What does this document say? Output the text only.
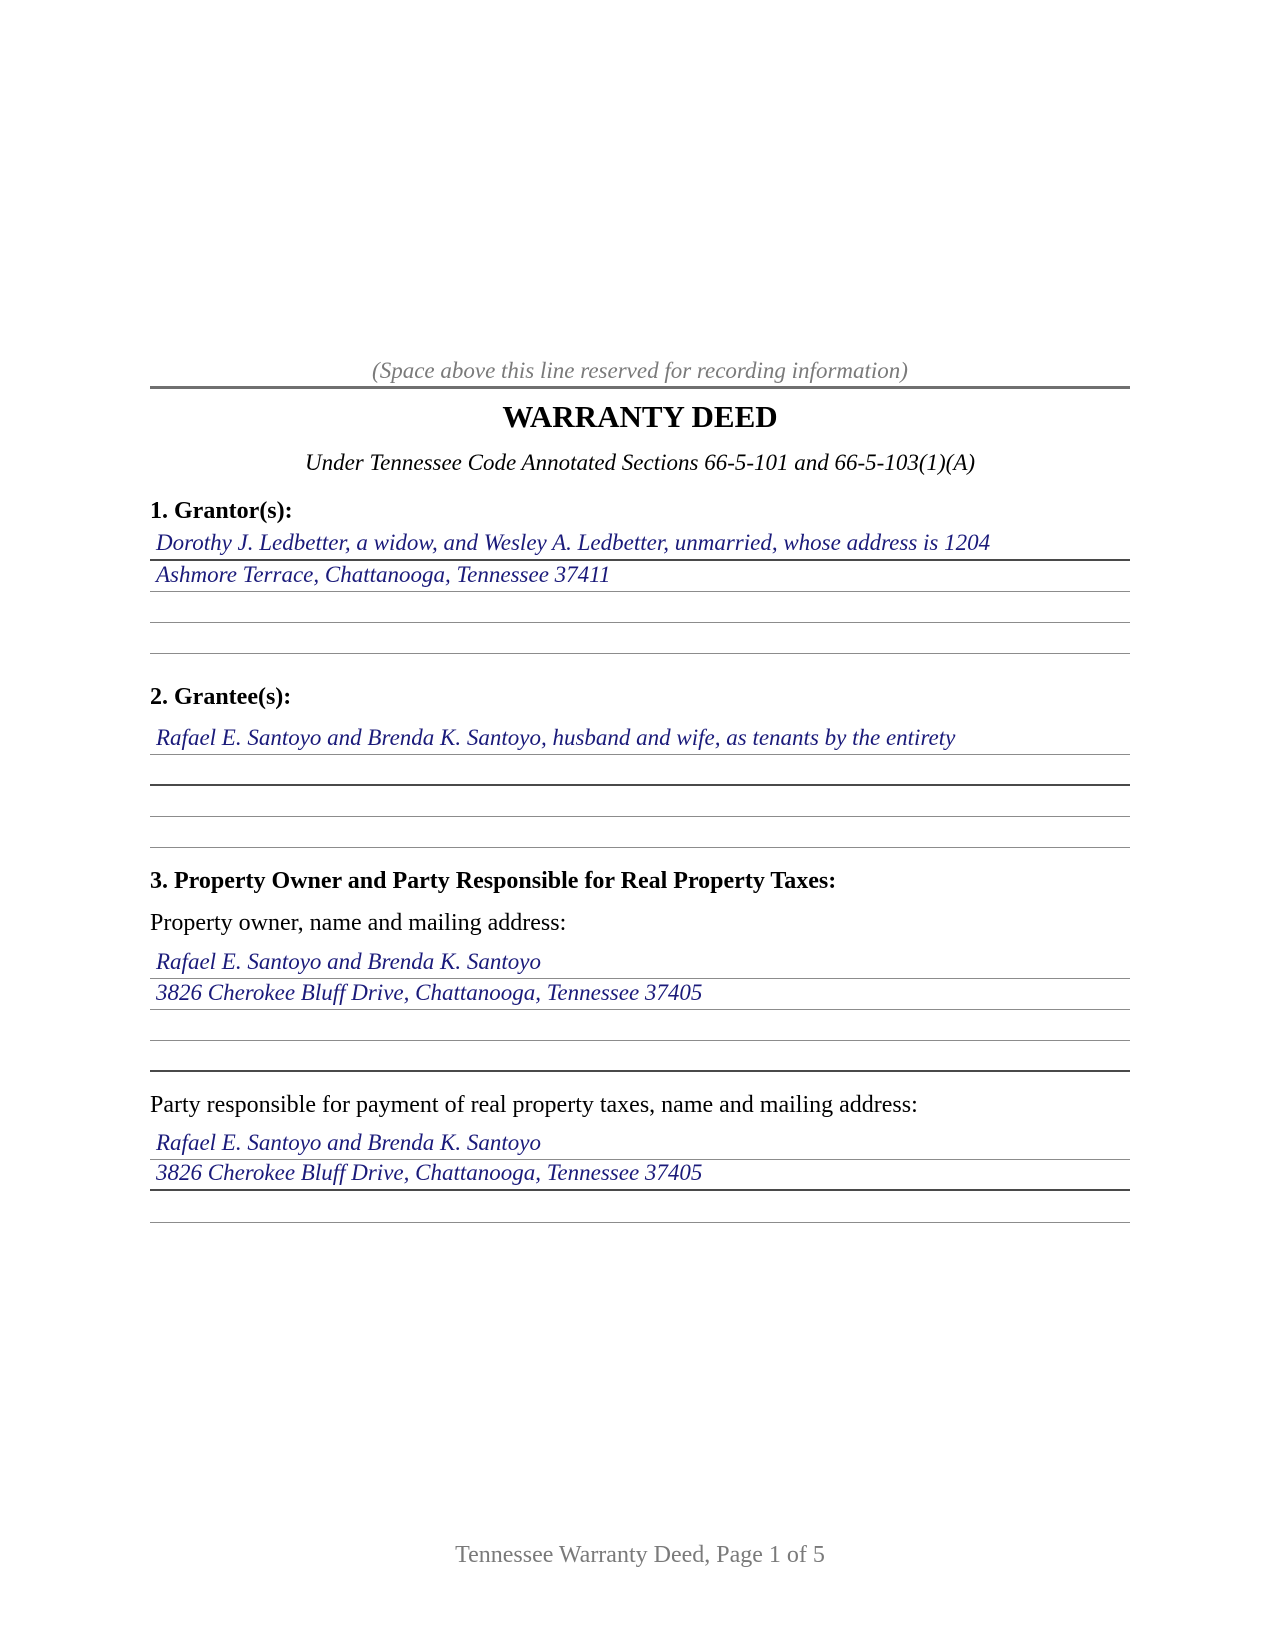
(Space above this line reserved for recording information)
WARRANTY DEED
Under Tennessee Code Annotated Sections 66-5-101 and 66-5-103(1)(A)
1. Grantor(s):
Dorothy J. Ledbetter, a widow, and Wesley A. Ledbetter, unmarried, whose address is 1204
Ashmore Terrace, Chattanooga, Tennessee 37411
2. Grantee(s):
Rafael E. Santoyo and Brenda K. Santoyo, husband and wife, as tenants by the entirety
3. Property Owner and Party Responsible for Real Property Taxes:
Property owner, name and mailing address:
Rafael E. Santoyo and Brenda K. Santoyo
3826 Cherokee Bluff Drive, Chattanooga, Tennessee 37405
Party responsible for payment of real property taxes, name and mailing address:
Rafael E. Santoyo and Brenda K. Santoyo
3826 Cherokee Bluff Drive, Chattanooga, Tennessee 37405
Tennessee Warranty Deed, Page 1 of 5
